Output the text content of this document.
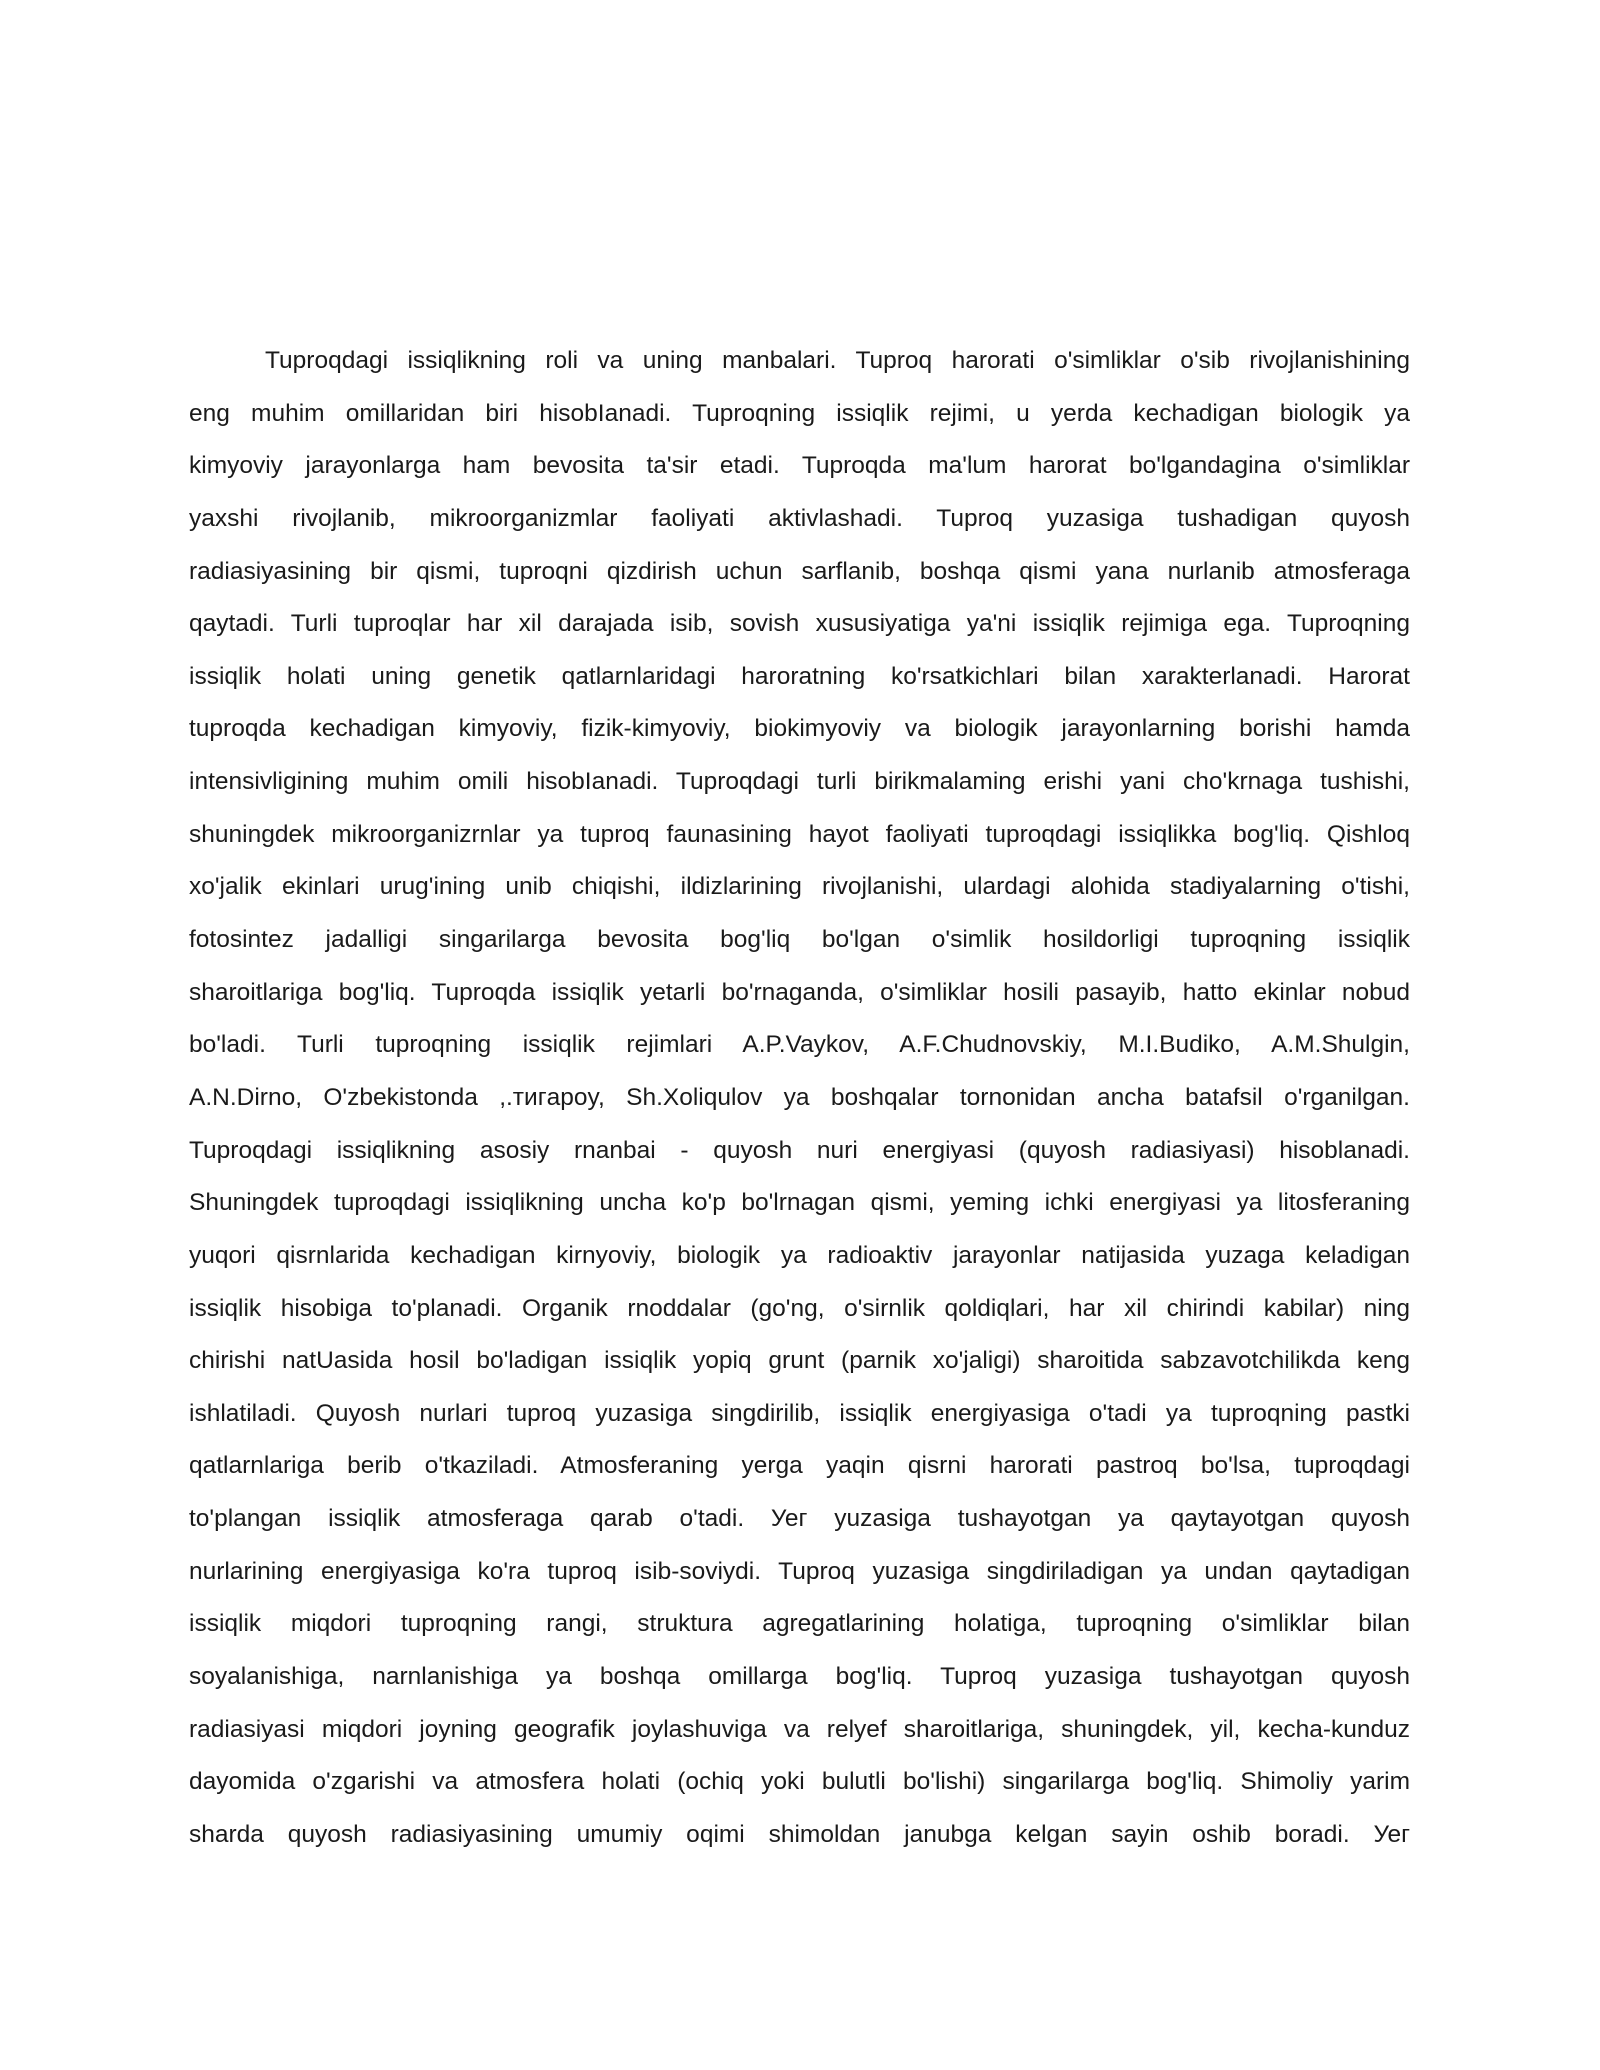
Tuproqdagi issiqlikning roli va uning manbalari. Tuproq harorati o'simliklar o'sib rivojlanishining
eng muhim omillaridan biri hisobIanadi. Tuproqning issiqlik rejimi, u yerda kechadigan biologik ya
kimyoviy jarayonlarga ham bevosita ta'sir etadi. Tuproqda ma'lum harorat bo'lgandagina o'simliklar
yaxshi rivojlanib, mikroorganizmlar faoliyati aktivlashadi. Tuproq yuzasiga tushadigan quyosh
radiasiyasining bir qismi, tuproqni qizdirish uchun sarflanib, boshqa qismi yana nurlanib atmosferaga
qaytadi. Turli tuproqlar har xil darajada isib, sovish xususiyatiga ya'ni issiqlik rejimiga ega. Tuproqning
issiqlik holati uning genetik qatlarnlaridagi haroratning ko'rsatkichlari bilan xarakterlanadi. Harorat
tuproqda kechadigan kimyoviy, fizik-kimyoviy, biokimyoviy va biologik jarayonlarning borishi hamda
intensivligining muhim omili hisobIanadi. Tuproqdagi turli birikmalaming erishi yani cho'krnaga tushishi,
shuningdek mikroorganizrnlar ya tuproq faunasining hayot faoliyati tuproqdagi issiqlikka bog'liq. Qishloq
xo'jalik ekinlari urug'ining unib chiqishi, ildizlarining rivojlanishi, ulardagi alohida stadiyalarning o'tishi,
fotosintez jadalligi singarilarga bevosita bog'liq bo'lgan o'simlik hosildorligi tuproqning issiqlik
sharoitlariga bog'liq. Tuproqda issiqlik yetarli bo'rnaganda, o'simliklar hosili pasayib, hatto ekinlar nobud
bo'ladi. Turli tuproqning issiqlik rejimlari A.P.Vaykov, A.F.Chudnovskiy, M.I.Budiko, A.M.Shulgin,
A.N.Dirno, O'zbekistonda ,.тигapoy, Sh.Xoliqulov ya boshqalar tornonidan ancha batafsil o'rganilgan.
Tuproqdagi issiqlikning asosiy rnanbai - quyosh nuri energiyasi (quyosh radiasiyasi) hisoblanadi.
Shuningdek tuproqdagi issiqlikning uncha ko'p bo'lrnagan qismi, yeming ichki energiyasi ya litosferaning
yuqori qisrnlarida kechadigan kirnyoviy, biologik ya radioaktiv jarayonlar natijasida yuzaga keladigan
issiqlik hisobiga to'planadi. Organik rnoddalar (go'ng, o'sirnlik qoldiqlari, har xil chirindi kabilar) ning
chirishi natUasida hosil bo'ladigan issiqlik yopiq grunt (parnik xo'jaligi) sharoitida sabzavotchilikda keng
ishlatiladi. Quyosh nurlari tuproq yuzasiga singdirilib, issiqlik energiyasiga o'tadi ya tuproqning pastki
qatlarnlariga berib o'tkaziladi. Atmosferaning yerga yaqin qisrni harorati pastroq bo'lsa, tuproqdagi
to'plangan issiqlik atmosferaga qarab o'tadi. Уег yuzasiga tushayotgan ya qaytayotgan quyosh
nurlarining energiyasiga ko'ra tuproq isib-soviydi. Tuproq yuzasiga singdiriladigan ya undan qaytadigan
issiqlik miqdori tuproqning rangi, struktura agregatlarining holatiga, tuproqning o'simliklar bilan
soyalanishiga, narnlanishiga ya boshqa omillarga bog'liq. Tuproq yuzasiga tushayotgan quyosh
radiasiyasi miqdori joyning geografik joylashuviga va relyef sharoitlariga, shuningdek, yil, kecha-kunduz
dayomida o'zgarishi va atmosfera holati (ochiq yoki bulutli bo'lishi) singarilarga bog'liq. Shimoliy yarim
sharda quyosh radiasiyasining umumiy oqimi shimoldan janubga kelgan sayin oshib boradi. Уег
